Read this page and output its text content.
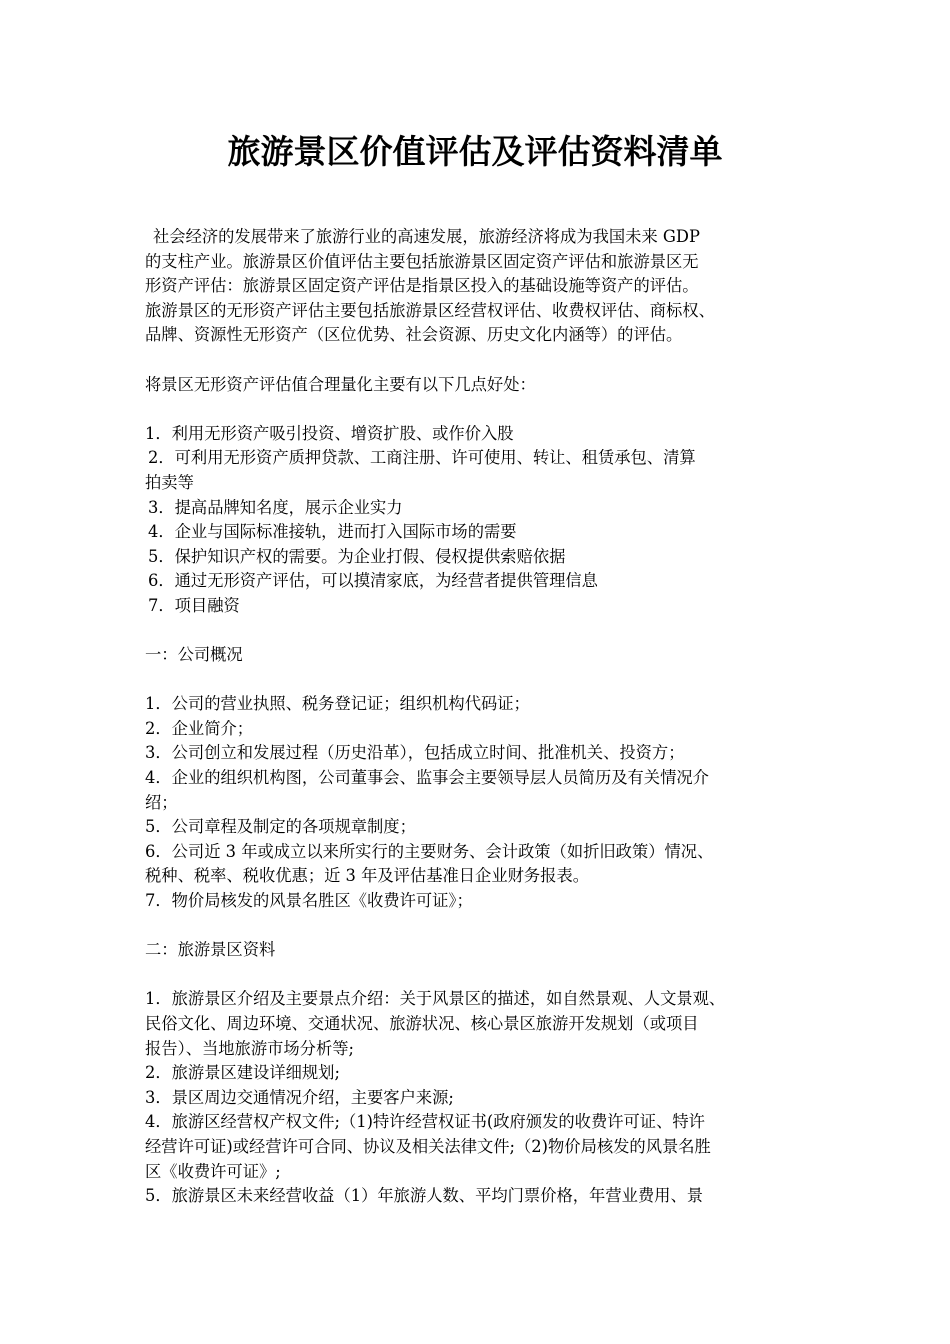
旅游景区价值评估及评估资料清单

社会经济的发展带来了旅游行业的高速发展，旅游经济将成为我国未来 GDP

的支柱产业。旅游景区价值评估主要包括旅游景区固定资产评估和旅游景区无

形资产评估：旅游景区固定资产评估是指景区投入的基础设施等资产的评估。

旅游景区的无形资产评估主要包括旅游景区经营权评估、收费权评估、商标权、

品牌、资源性无形资产（区位优势、社会资源、历史文化内涵等）的评估。

将景区无形资产评估值合理量化主要有以下几点好处：

1．利用无形资产吸引投资、增资扩股、或作价入股

2．可利用无形资产质押贷款、工商注册、许可使用、转让、租赁承包、清算

拍卖等

3．提高品牌知名度，展示企业实力

4．企业与国际标准接轨，进而打入国际市场的需要

5．保护知识产权的需要。为企业打假、侵权提供索赔依据

6．通过无形资产评估，可以摸清家底，为经营者提供管理信息

7．项目融资

一：公司概况

1．公司的营业执照、税务登记证；组织机构代码证；

2．企业简介；

3．公司创立和发展过程（历史沿革），包括成立时间、批准机关、投资方；

4．企业的组织机构图，公司董事会、监事会主要领导层人员简历及有关情况介

绍；

5．公司章程及制定的各项规章制度；

6．公司近 3 年或成立以来所实行的主要财务、会计政策（如折旧政策）情况、

税种、税率、税收优惠；近 3 年及评估基准日企业财务报表。

7．物价局核发的风景名胜区《收费许可证》；

二：旅游景区资料

1．旅游景区介绍及主要景点介绍：关于风景区的描述，如自然景观、人文景观、

民俗文化、周边环境、交通状况、旅游状况、核心景区旅游开发规划（或项目

报告）、当地旅游市场分析等;

2．旅游景区建设详细规划;

3．景区周边交通情况介绍，主要客户来源;

4．旅游区经营权产权文件;（1)特许经营权证书(政府颁发的收费许可证、特许

经营许可证)或经营许可合同、协议及相关法律文件;（2)物价局核发的风景名胜

区《收费许可证》;

5．旅游景区未来经营收益（1）年旅游人数、平均门票价格，年营业费用、景
